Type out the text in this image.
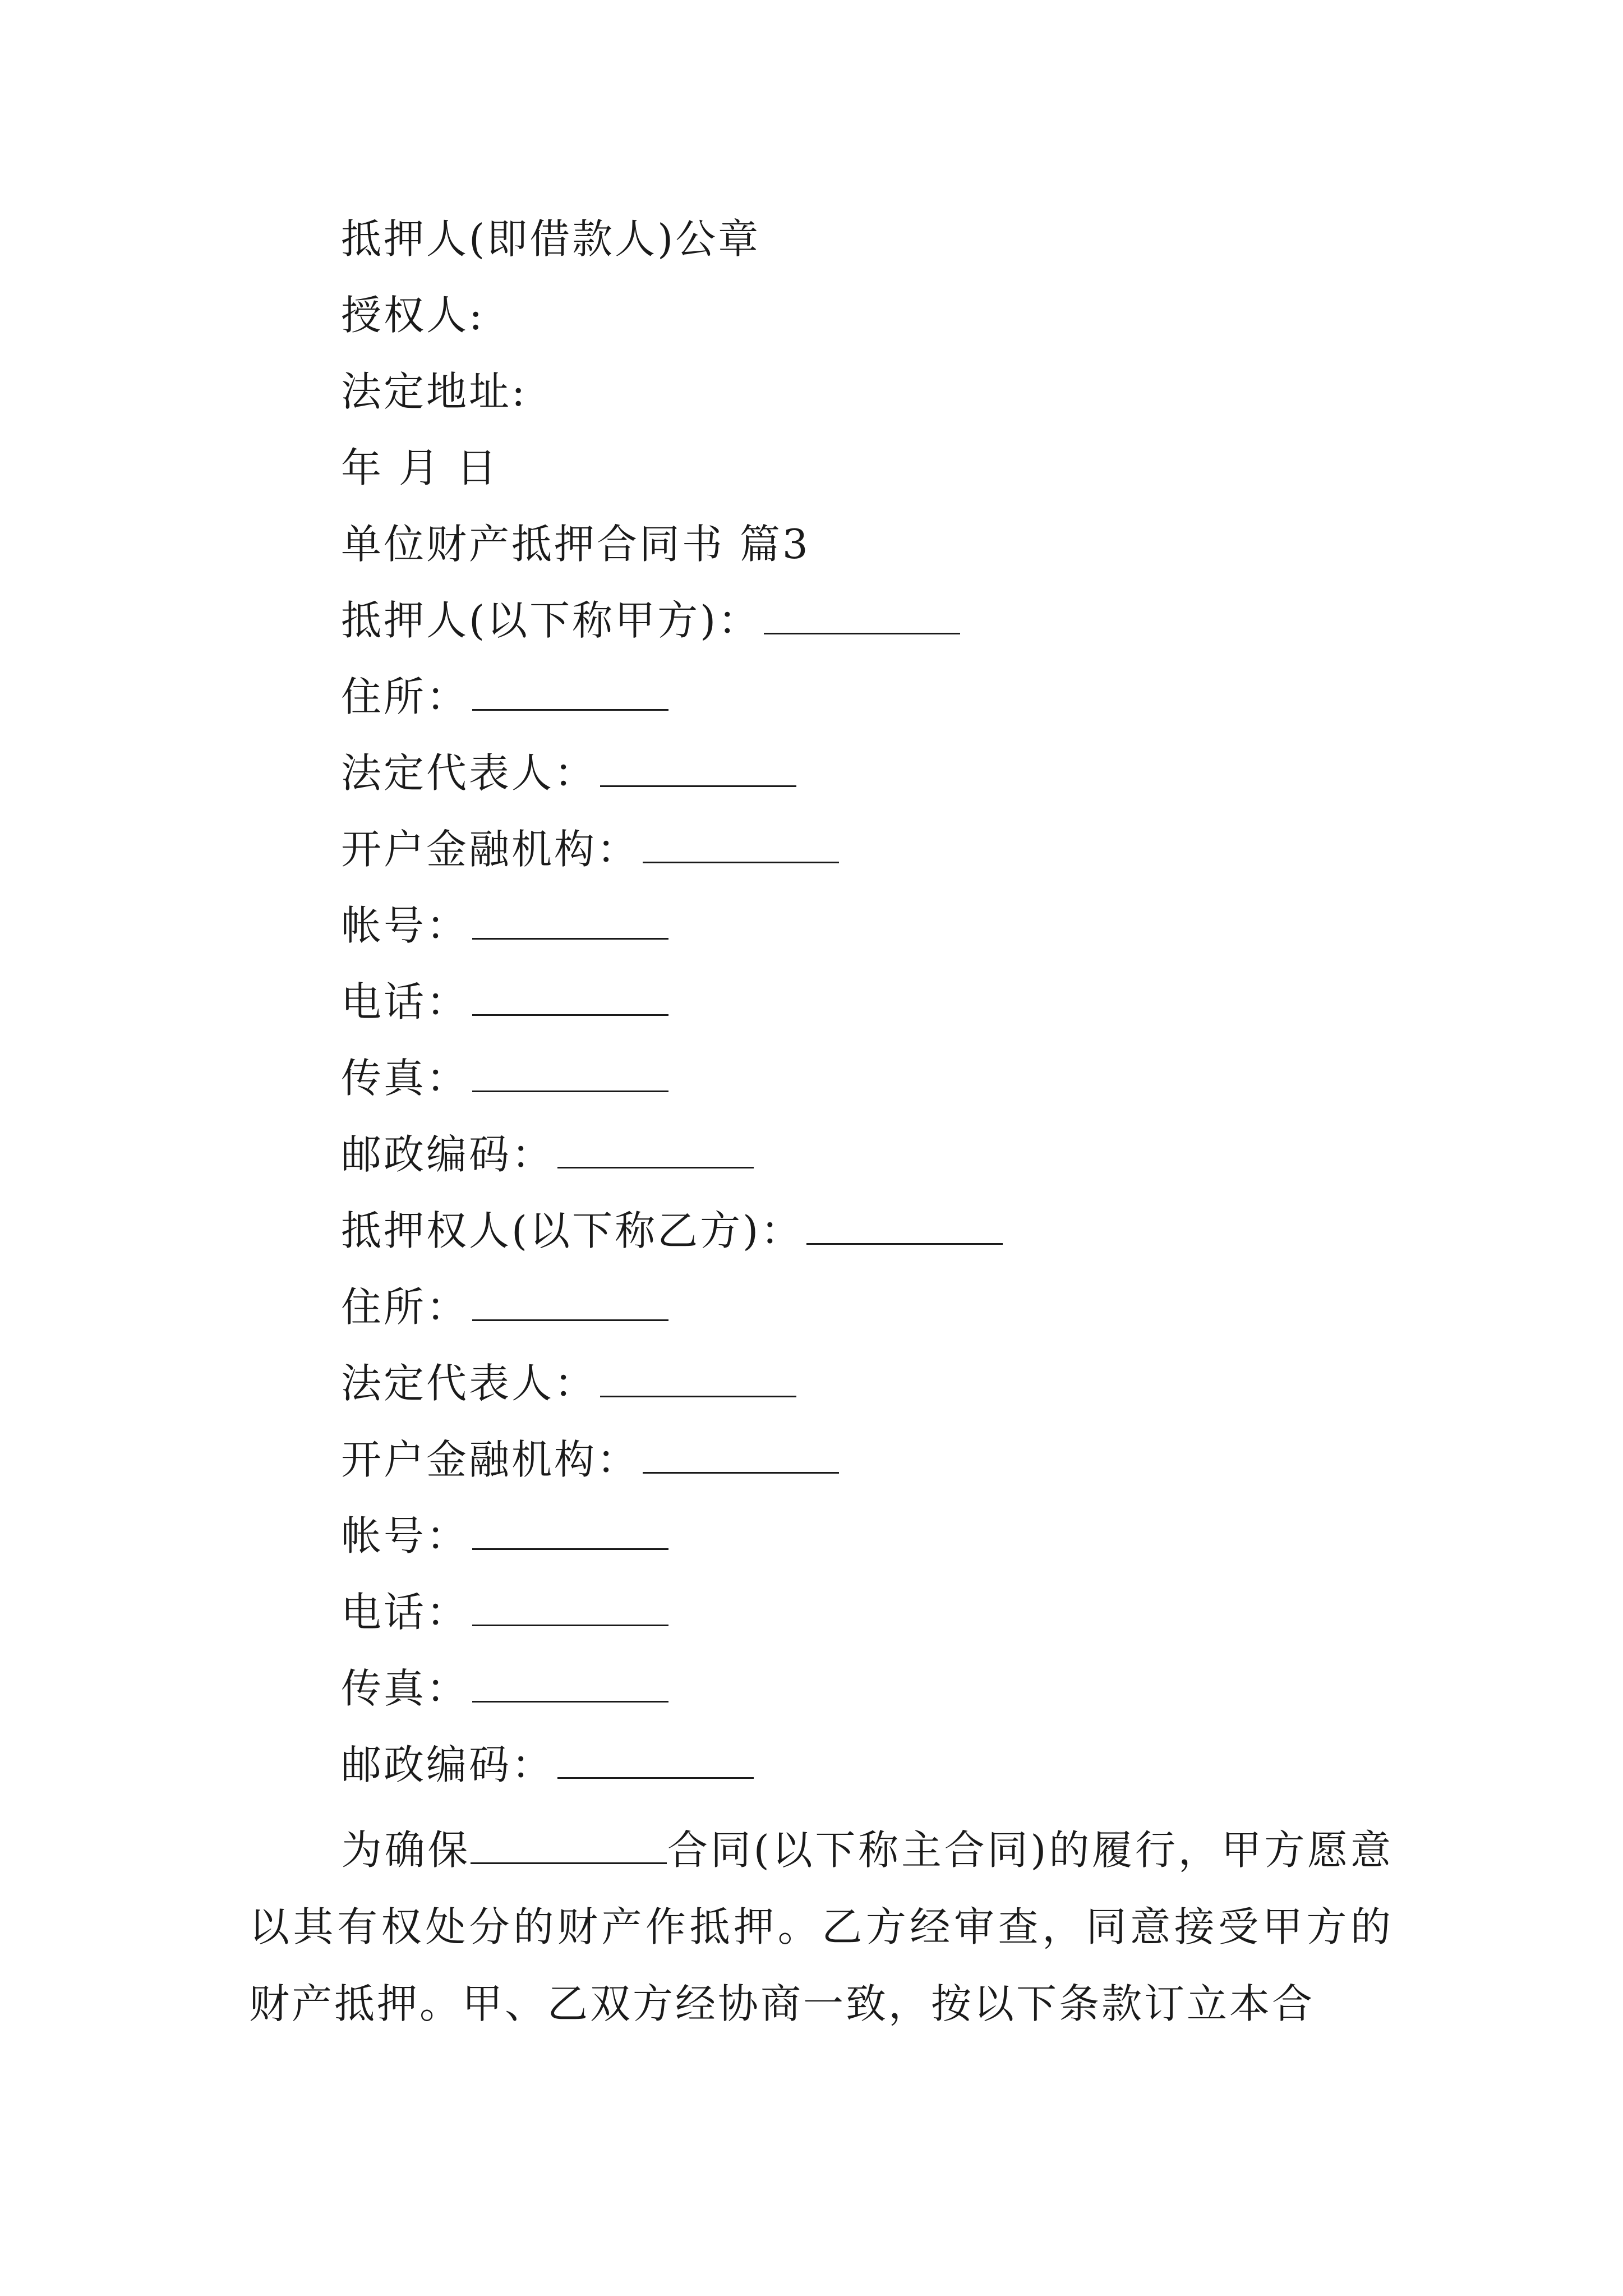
抵押人(即借款人)公章
授权人:
法定地址:
年 月 日
单位财产抵押合同书 篇3
抵押人(以下称甲方)：
住所：
法定代表人：
开户金融机构：
帐号：
电话：
传真：
邮政编码：
抵押权人(以下称乙方)：
住所：
法定代表人：
开户金融机构：
帐号：
电话：
传真：
邮政编码：
为确保	合同(以下称主合同)的履行，甲方愿意以其有权处分的财产作抵押。乙方经审查，同意接受甲方的财产抵押。甲、乙双方经协商一致，按以下条款订立本合
